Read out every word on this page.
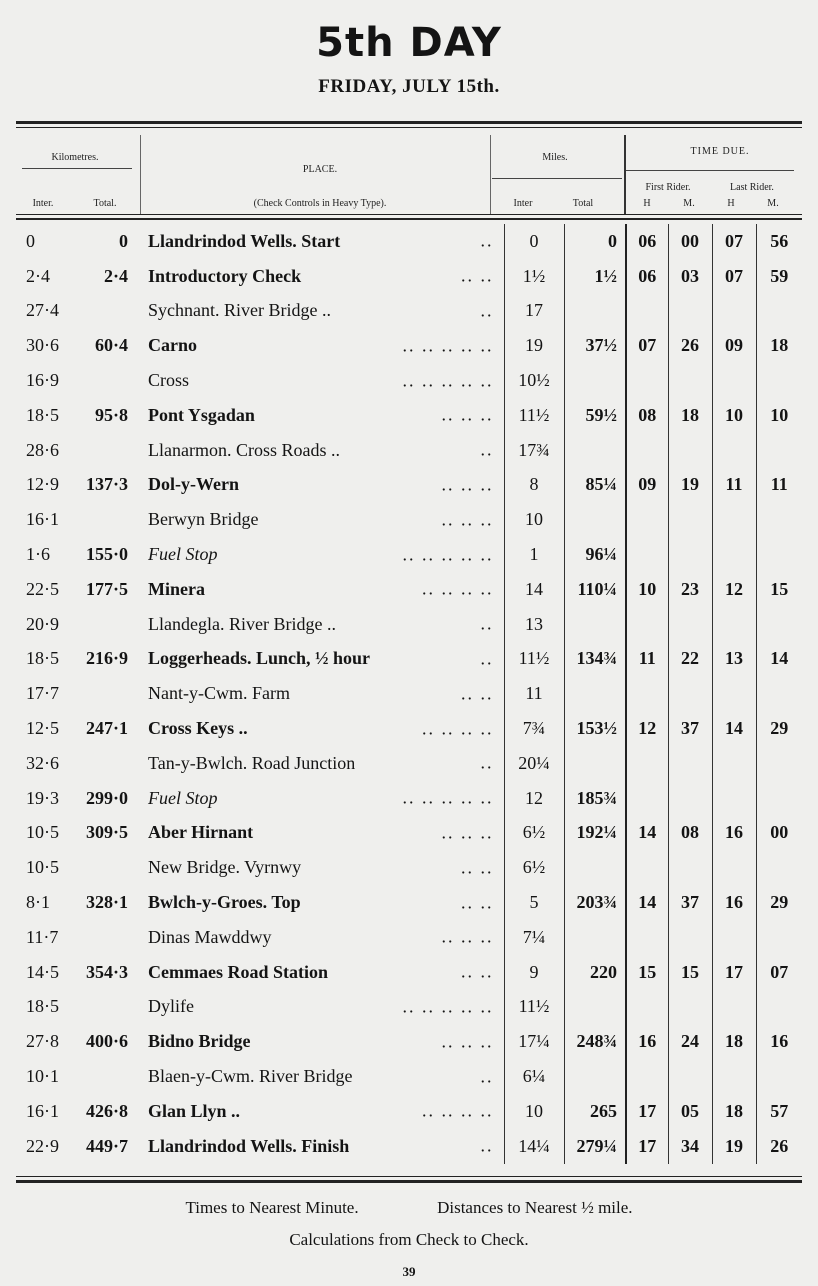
5th DAY
FRIDAY, JULY 15th.
Kilometres.
Inter.	Total.
PLACE.
(Check Controls in Heavy Type).
Miles.
Inter	Total
TIME DUE.
First Rider.	Last Rider.
H	M.	H	M.
0	0	Llandrindod Wells. Start ..	0	0	06	00	07	56
2·4	2·4	Introductory Check .. ..	1½	1½	06	03	07	59
27·4		Sychnant. River Bridge .. ..	17					
30·6	60·4	Carno .. .. .. .. ..	19	37½	07	26	09	18
16·9		Cross .. .. .. .. ..	10½					
18·5	95·8	Pont Ysgadan .. .. ..	11½	59½	08	18	10	10
28·6		Llanarmon. Cross Roads .. ..	17¾					
12·9	137·3	Dol-y-Wern .. .. ..	8	85¼	09	19	11	11
16·1		Berwyn Bridge .. .. ..	10					
1·6	155·0	Fuel Stop .. .. .. .. ..	1	96¼				
22·5	177·5	Minera .. .. .. ..	14	110¼	10	23	12	15
20·9		Llandegla. River Bridge .. ..	13					
18·5	216·9	Loggerheads. Lunch, ½ hour ..	11½	134¾	11	22	13	14
17·7		Nant-y-Cwm. Farm .. ..	11					
12·5	247·1	Cross Keys .. .. .. .. ..	7¾	153½	12	37	14	29
32·6		Tan-y-Bwlch. Road Junction ..	20¼					
19·3	299·0	Fuel Stop .. .. .. .. ..	12	185¾				
10·5	309·5	Aber Hirnant .. .. ..	6½	192¼	14	08	16	00
10·5		New Bridge. Vyrnwy .. ..	6½					
8·1	328·1	Bwlch-y-Groes. Top .. ..	5	203¾	14	37	16	29
11·7		Dinas Mawddwy .. .. ..	7¼					
14·5	354·3	Cemmaes Road Station .. ..	9	220	15	15	17	07
18·5		Dylife .. .. .. .. ..	11½					
27·8	400·6	Bidno Bridge .. .. ..	17¼	248¾	16	24	18	16
10·1		Blaen-y-Cwm. River Bridge ..	6¼					
16·1	426·8	Glan Llyn .. .. .. .. ..	10	265	17	05	18	57
22·9	449·7	Llandrindod Wells. Finish ..	14¼	279¼	17	34	19	26
Times to Nearest Minute.	Distances to Nearest ½ mile.
Calculations from Check to Check.
39
